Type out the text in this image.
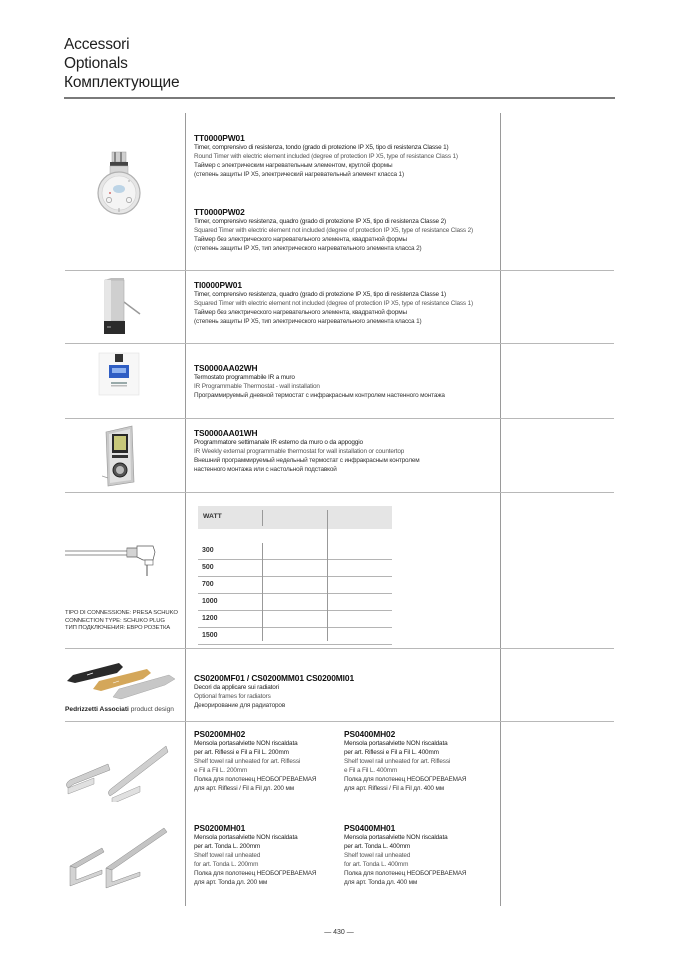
Accessori
Optionals
Комплектующие
Pedrizzetti Associati product design
TT0000PW01
Timer, comprensivo di resistenza, tondo (grado di protezione IP X5, tipo di resistenza Classe 1)
Round Timer with electric element included (degree of protection IP X5, type of resistance Class 1)
Таймер с электрическим нагревательным элементом, круглой формы
(степень защиты IP X5, электрический нагревательный элемент класса 1)
TT0000PW02
Timer, comprensivo resistenza, quadro (grado di protezione IP X5, tipo di resistenza Classe 2)
Squared Timer with electric element not included (degree of protection IP X5, type of resistance Class 2)
Таймер без электрического нагревательного элемента, квадратной формы
(степень защиты IP X5, тип электрического нагревательного элемента класса 2)
TI0000PW01
Timer, comprensivo resistenza, quadro (grado di protezione IP X5, tipo di resistenza Classe 1)
Squared Timer with electric element not included (degree of protection IP X5, type of resistance Class 1)
Таймер без электрического нагревательного элемента, квадратной формы
(степень защиты IP X5, тип электрического нагревательного элемента класса 1)
TS0000AA02WH
Termostato programmabile IR a muro
IR Programmable Thermostat - wall installation
Программируемый дневной термостат с инфракрасным контролем настенного монтажа
TS0000AA01WH
Programmatore settimanale IR esterno da muro o da appoggio
IR Weekly external programmable thermostat for wall installation or countertop
Внешний программируемый недельный термостат с инфракрасным контролем
настенного монтажа или с настольной подставкой
WATT
300
500
700
1000
1200
1500
TIPO DI CONNESSIONE: PRESA SCHUKO
CONNECTION TYPE: SCHUKO PLUG
ТИП ПОДКЛЮЧЕНИЯ: ЕВРО РОЗЕТКА
CS0200MF01 / CS0200MM01 CS0200MI01
Decori da applicare sui radiatori
Optional frames for radiators
Декорирование для радиаторов
PS0200MH02
Mensola portasalviette NON riscaldata
per art. Riflessi e Fil a Fil L. 200mm
Shelf towel rail unheated for art. Riflessi
e Fil a Fil L. 200mm
Полка для полотенец НЕОБОГРЕВАЕМАЯ
для арт. Riflessi / Fil a Fil дл. 200 мм
PS0400MH02
Mensola portasalviette NON riscaldata
per art. Riflessi e Fil a Fil L. 400mm
Shelf towel rail unheated for art. Riflessi
e Fil a Fil L. 400mm
Полка для полотенец НЕОБОГРЕВАЕМАЯ
для арт. Riflessi / Fil a Fil дл. 400 мм
PS0200MH01
Mensola portasalviette NON riscaldata
per art. Tonda L. 200mm
Shelf towel rail unheated
for art. Tonda L. 200mm
Полка для полотенец НЕОБОГРЕВАЕМАЯ
для арт. Tonda дл. 200 мм
PS0400MH01
Mensola portasalviette NON riscaldata
per art. Tonda L. 400mm
Shelf towel rail unheated
for art. Tonda L. 400mm
Полка для полотенец НЕОБОГРЕВАЕМАЯ
для арт. Tonda дл. 400 мм
— 430 —
